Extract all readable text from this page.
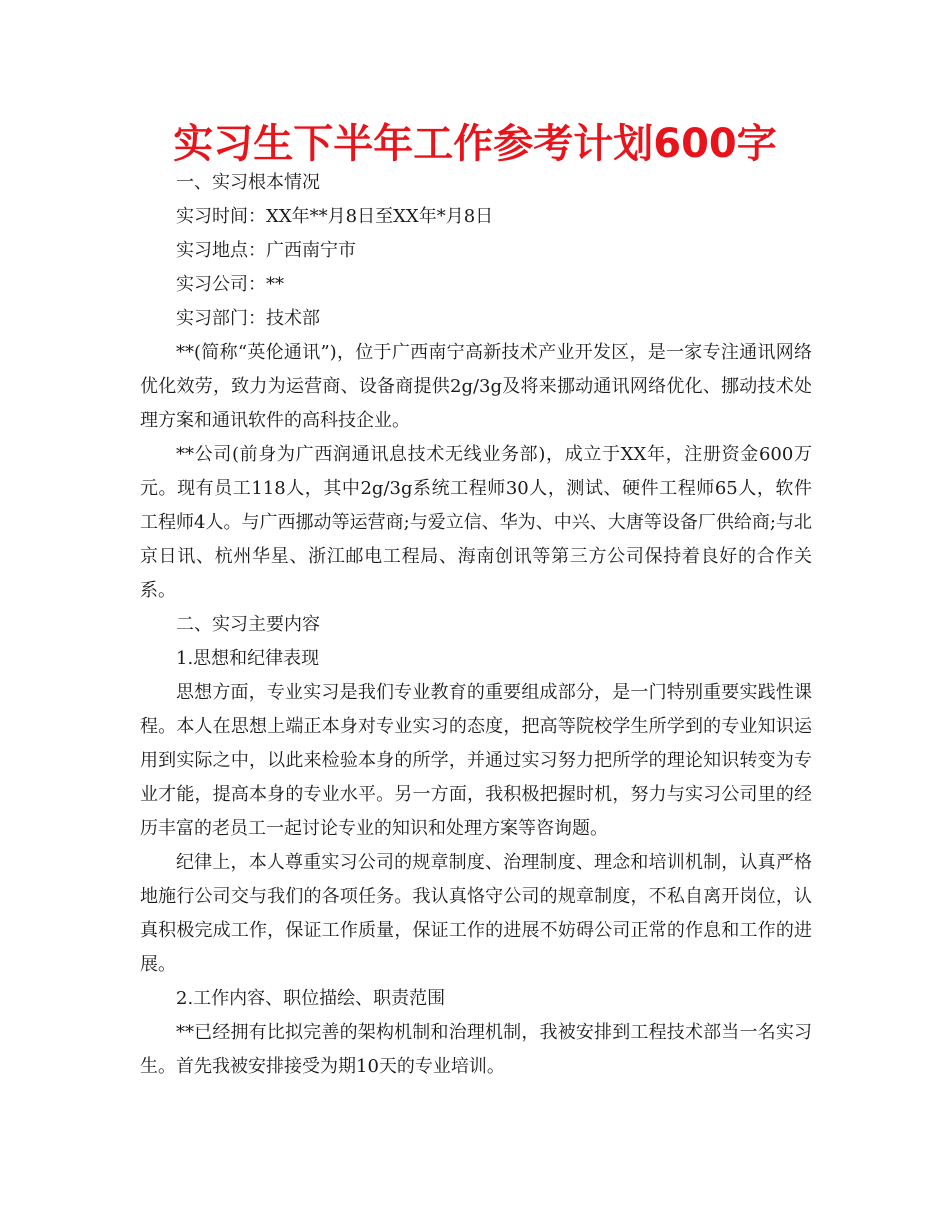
实习生下半年工作参考计划600字

一、实习根本情况

实习时间：XX年**月8日至XX年*月8日

实习地点：广西南宁市

实习公司：**

实习部门：技术部

**(简称“英伦通讯”)，位于广西南宁高新技术产业开发区，是一家专注通讯网络优化效劳，致力为运营商、设备商提供2g/3g及将来挪动通讯网络优化、挪动技术处理方案和通讯软件的高科技企业。

**公司(前身为广西润通讯息技术无线业务部)，成立于XX年，注册资金600万元。现有员工118人，其中2g/3g系统工程师30人，测试、硬件工程师65人，软件工程师4人。与广西挪动等运营商;与爱立信、华为、中兴、大唐等设备厂供给商;与北京日讯、杭州华星、浙江邮电工程局、海南创讯等第三方公司保持着良好的合作关系。

二、实习主要内容

1.思想和纪律表现

思想方面，专业实习是我们专业教育的重要组成部分，是一门特别重要实践性课程。本人在思想上端正本身对专业实习的态度，把高等院校学生所学到的专业知识运用到实际之中，以此来检验本身的所学，并通过实习努力把所学的理论知识转变为专业才能，提高本身的专业水平。另一方面，我积极把握时机，努力与实习公司里的经历丰富的老员工一起讨论专业的知识和处理方案等咨询题。

纪律上，本人尊重实习公司的规章制度、治理制度、理念和培训机制，认真严格地施行公司交与我们的各项任务。我认真恪守公司的规章制度，不私自离开岗位，认真积极完成工作，保证工作质量，保证工作的进展不妨碍公司正常的作息和工作的进展。

2.工作内容、职位描绘、职责范围

**已经拥有比拟完善的架构机制和治理机制，我被安排到工程技术部当一名实习生。首先我被安排接受为期10天的专业培训。
